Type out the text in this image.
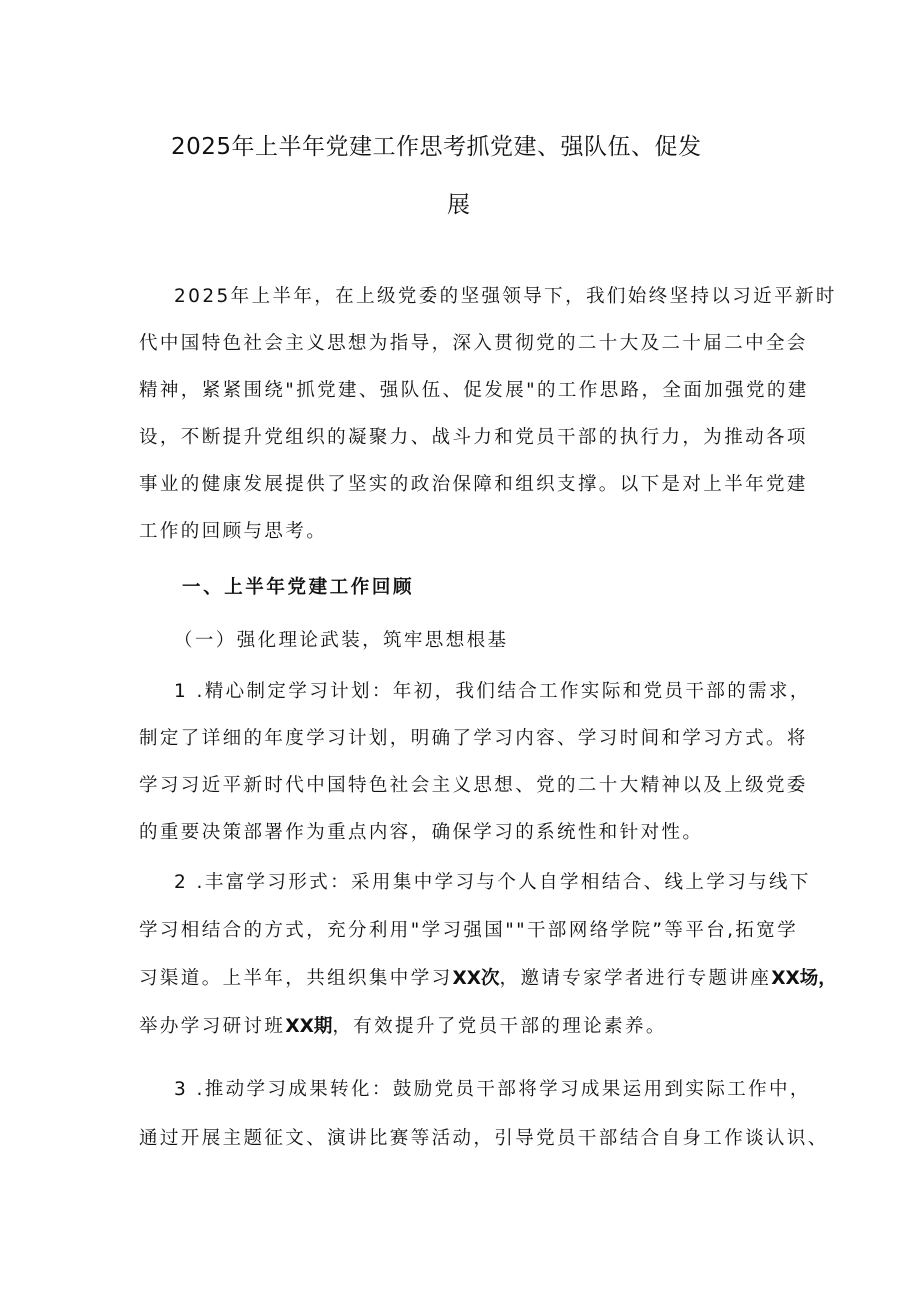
2025年上半年党建工作思考抓党建、强队伍、促发
展
2025年上半年，在上级党委的坚强领导下，我们始终坚持以习近平新时
代中国特色社会主义思想为指导，深入贯彻党的二十大及二十届二中全会
精神，紧紧围绕"抓党建、强队伍、促发展"的工作思路，全面加强党的建
设，不断提升党组织的凝聚力、战斗力和党员干部的执行力，为推动各项
事业的健康发展提供了坚实的政治保障和组织支撑。以下是对上半年党建
工作的回顾与思考。
一、上半年党建工作回顾
（一）强化理论武装，筑牢思想根基
1 .精心制定学习计划：年初，我们结合工作实际和党员干部的需求，
制定了详细的年度学习计划，明确了学习内容、学习时间和学习方式。将
学习习近平新时代中国特色社会主义思想、党的二十大精神以及上级党委
的重要决策部署作为重点内容，确保学习的系统性和针对性。
2 .丰富学习形式：采用集中学习与个人自学相结合、线上学习与线下
学习相结合的方式，充分利用"学习强国""干部网络学院”等平台,拓宽学
习渠道。上半年，共组织集中学习XX次，邀请专家学者进行专题讲座XX场，
举办学习研讨班XX期，有效提升了党员干部的理论素养。
3 .推动学习成果转化：鼓励党员干部将学习成果运用到实际工作中，
通过开展主题征文、演讲比赛等活动，引导党员干部结合自身工作谈认识、
